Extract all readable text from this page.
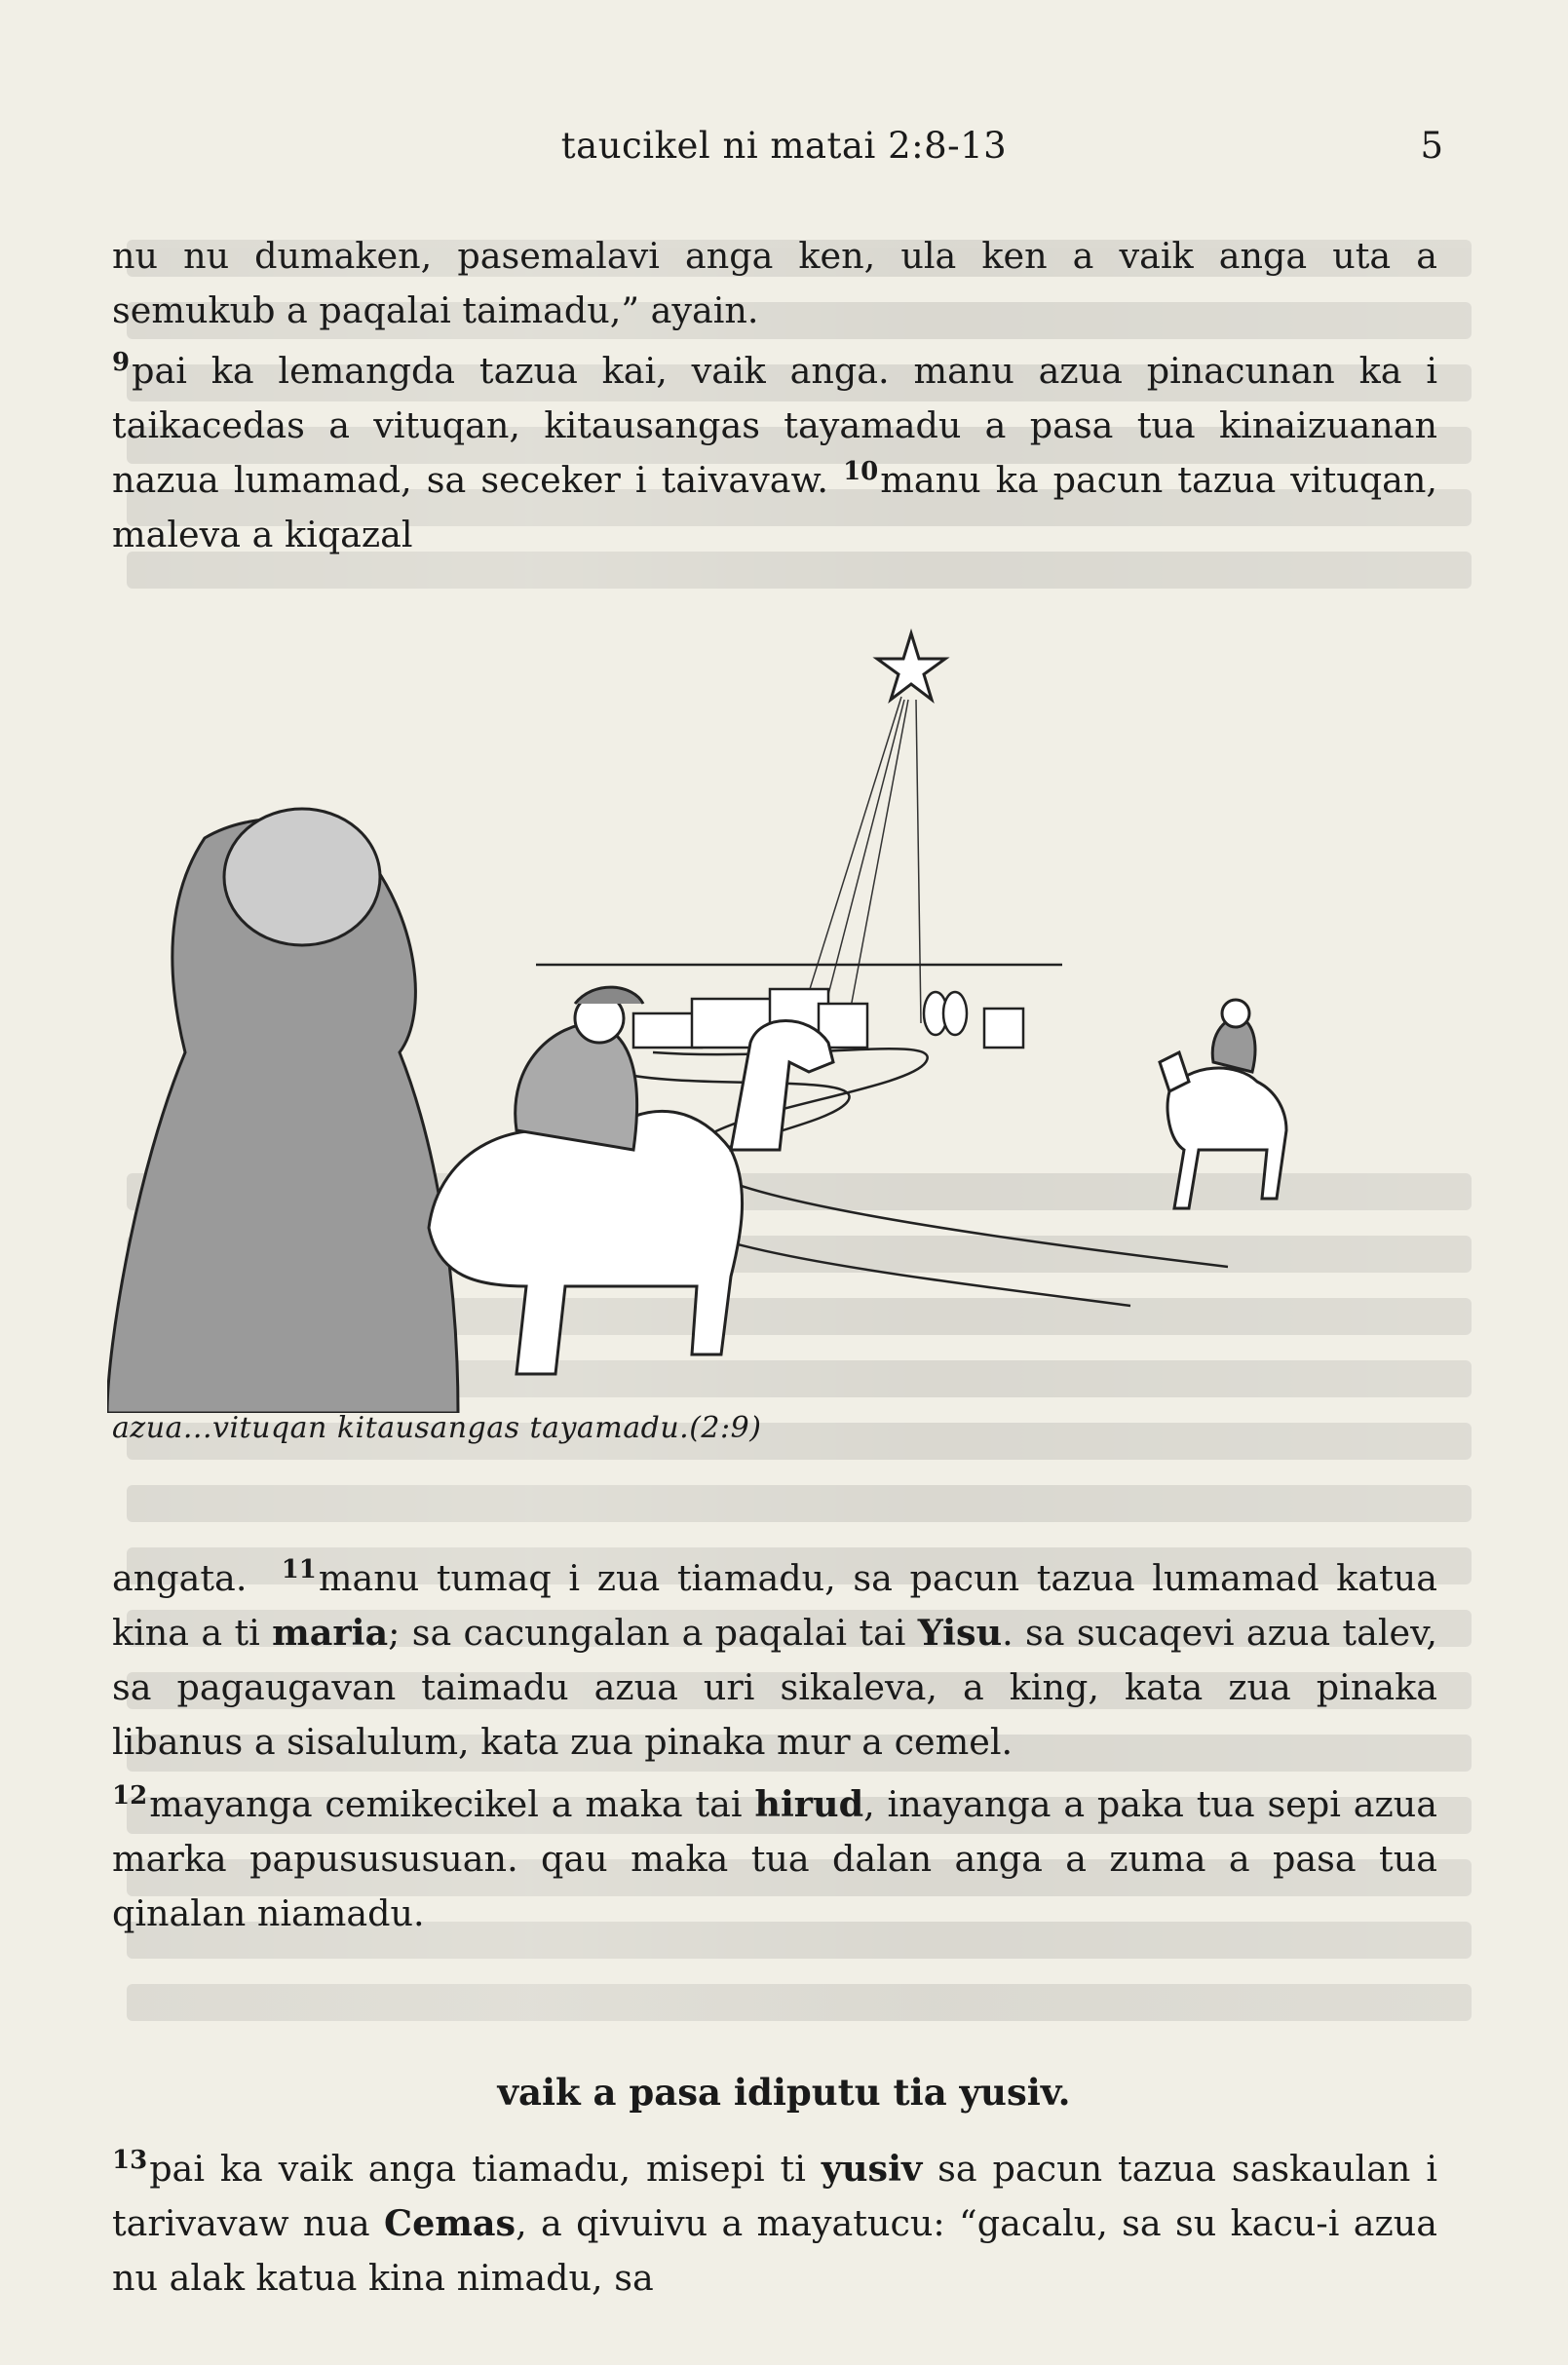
taucikel ni matai 2:8-13	5

nu nu dumaken, pasemalavi anga ken, ula ken a vaik anga uta a semukub a paqalai taimadu,” ayain.

$^9$pai ka lemangda tazua kai, vaik anga. manu azua pinacunan ka i taikacedas a vituqan, kitausangas tayamadu a pasa tua kinaizuanan nazua lumamad, sa seceker i taivavaw. $^{10}$manu ka pacun tazua vituqan, maleva a kiqazal

azua...vituqan kitausangas tayamadu.(2:9)

angata. $^{11}$manu tumaq i zua tiamadu, sa pacun tazua lumamad katua kina a ti maria; sa cacungalan a paqalai tai Yisu. sa sucaqevi azua talev, sa pagaugavan taimadu azua uri sikaleva, a king, kata zua pinaka libanus a sisalulum, kata zua pinaka mur a cemel.

$^{12}$mayanga cemikecikel a maka tai hirud, inayanga a paka tua sepi azua marka papusususuan. qau maka tua dalan anga a zuma a pasa tua qinalan niamadu.

vaik a pasa idiputu tia yusiv.

$^{13}$pai ka vaik anga tiamadu, misepi ti yusiv sa pacun tazua saskaulan i tarivavaw nua Cemas, a qivuivu a mayatucu: “gacalu, sa su kacu-i azua nu alak katua kina nimadu, sa
